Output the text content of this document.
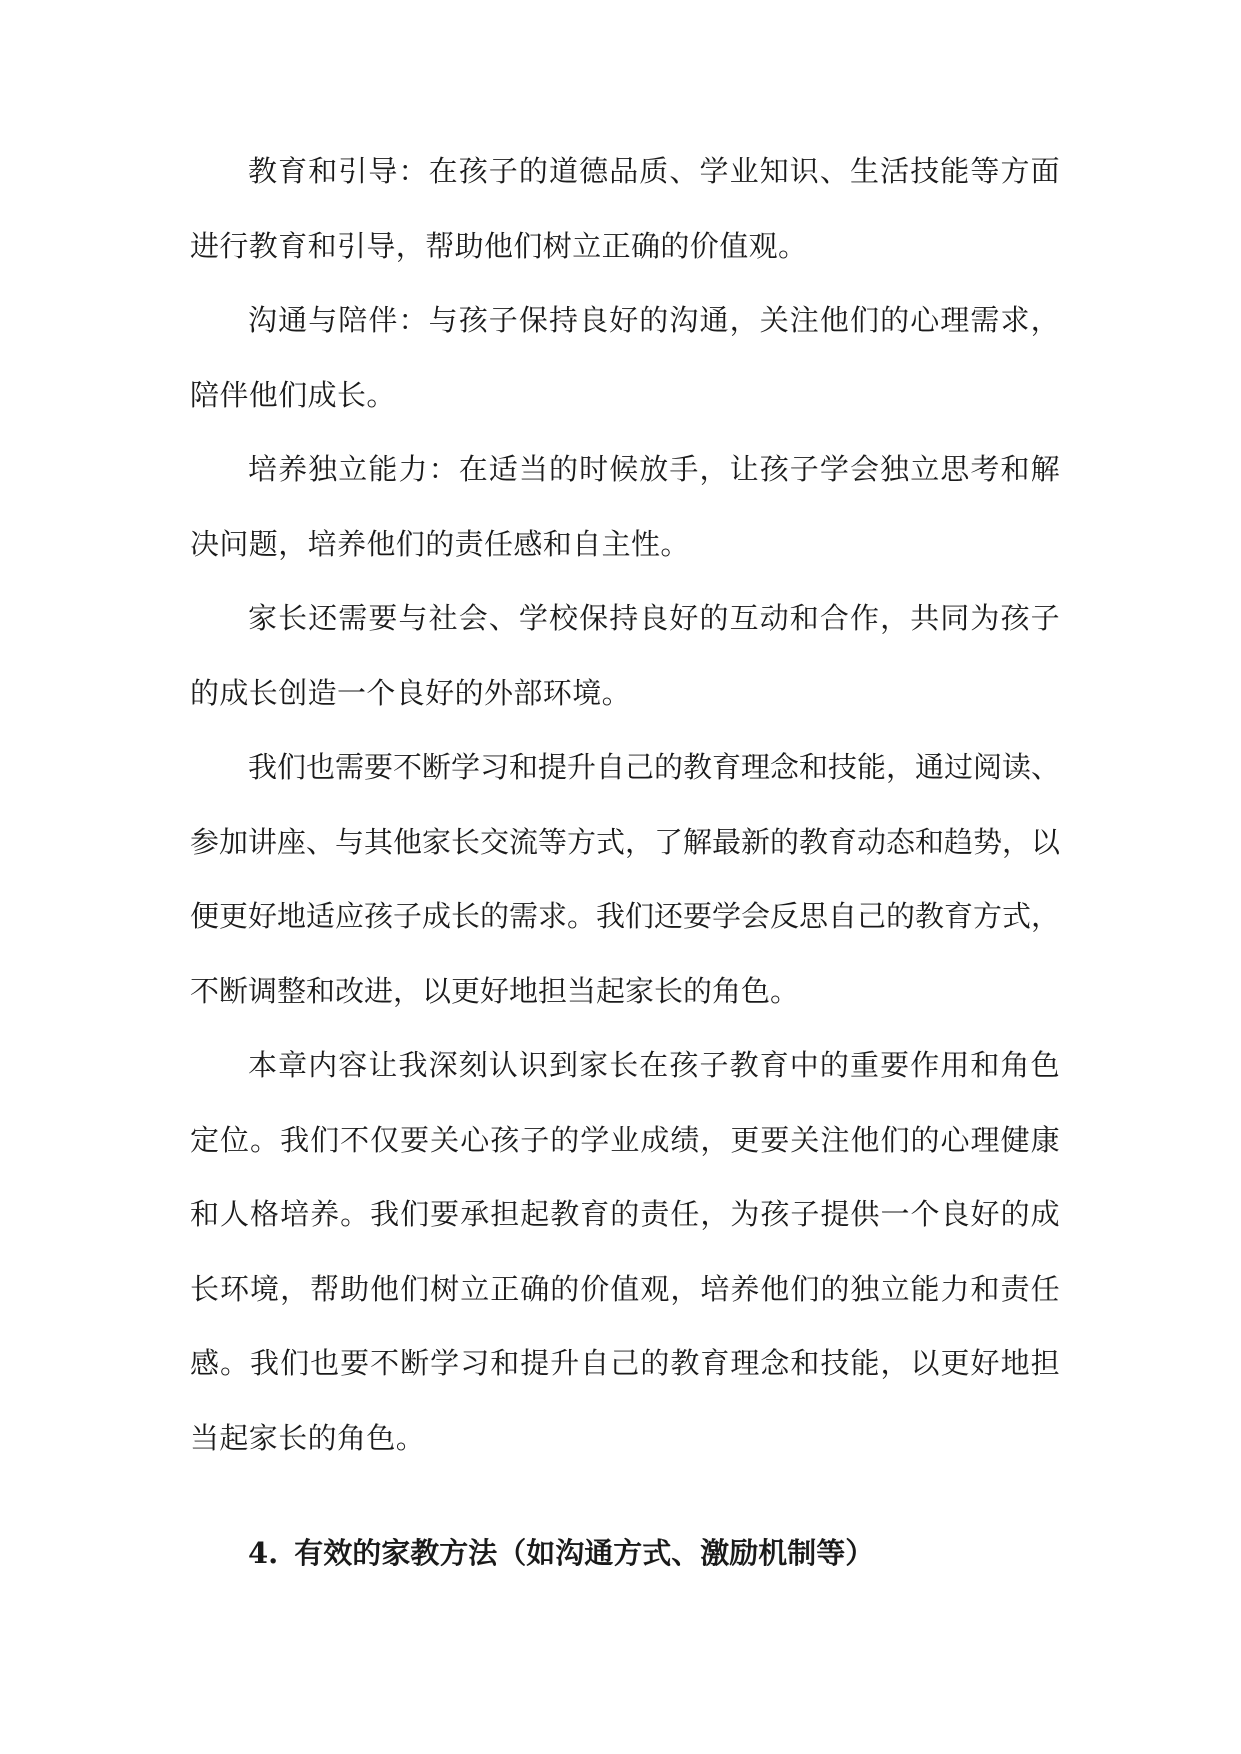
教育和引导：在孩子的道德品质、学业知识、生活技能等方面进行教育和引导，帮助他们树立正确的价值观。

沟通与陪伴：与孩子保持良好的沟通，关注他们的心理需求，陪伴他们成长。

培养独立能力：在适当的时候放手，让孩子学会独立思考和解决问题，培养他们的责任感和自主性。

家长还需要与社会、学校保持良好的互动和合作，共同为孩子的成长创造一个良好的外部环境。

我们也需要不断学习和提升自己的教育理念和技能，通过阅读、参加讲座、与其他家长交流等方式，了解最新的教育动态和趋势，以便更好地适应孩子成长的需求。我们还要学会反思自己的教育方式，不断调整和改进，以更好地担当起家长的角色。

本章内容让我深刻认识到家长在孩子教育中的重要作用和角色定位。我们不仅要关心孩子的学业成绩，更要关注他们的心理健康和人格培养。我们要承担起教育的责任，为孩子提供一个良好的成长环境，帮助他们树立正确的价值观，培养他们的独立能力和责任感。我们也要不断学习和提升自己的教育理念和技能，以更好地担当起家长的角色。

4. 有效的家教方法（如沟通方式、激励机制等）
